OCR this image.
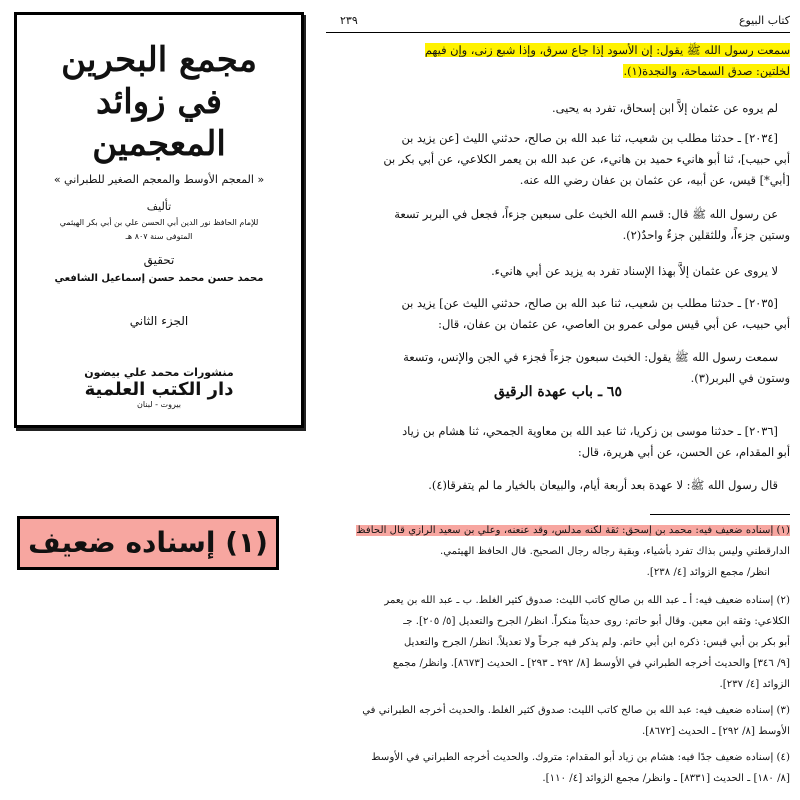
مجمع البحرين
في زوائد المعجمين
« المعجم الأوسط والمعجم الصغير للطبراني »
تأليف
للإمام الحافظ نور الدين أبي الحسن علي بن أبي بكر الهيثمي
المتوفى سنة ٨٠٧ هـ
تحقيق
محمد حسن محمد حسن إسماعيل الشافعي
الجزء الثاني
منشورات محمد علي بيضون
دار الكتب العلمية
بيروت - لبنان
(١) إسناده ضعيف
كتاب البيوع
٢٣٩
سمعت رسول الله ﷺ يقول: إن الأسود إذا جاع سرق، وإذا شبع زنى، وإن فيهم
لخلتين: صدق السماحة، والنجدة(١).
لم يروه عن عثمان إلاَّ ابن إسحاق، تفرد به يحيى.
[٢٠٣٤] ـ حدثنا مطلب بن شعيب، ثنا عبد الله بن صالح، حدثني الليث [عن يزيد بن
أبي حبيب]، ثنا أبو هانيء حميد بن هانيء، عن عبد الله بن يعمر الكلاعي، عن أبي بكر بن
[أبي*] قيس، عن أبيه، عن عثمان بن عفان رضي الله عنه.
عن رسول الله ﷺ قال: قسم الله الخبث على سبعين جزءاً، فجعل في البربر تسعة
وستين جزءاً، وللثقلين جزءٌ واحدٌ(٢).
لا يروى عن عثمان إلاَّ بهذا الإسناد تفرد به يزيد عن أبي هانيء.
[٢٠٣٥] ـ حدثنا مطلب بن شعيب، ثنا عبد الله بن صالح، حدثني الليث عن] يزيد بن
أبي حبيب، عن أبي قيس مولى عمرو بن العاصي، عن عثمان بن عفان، قال:
سمعت رسول الله ﷺ يقول: الخبث سبعون جزءاً فجزء في الجن والإنس، وتسعة
وستون في البربر(٣).
٦٥ ـ باب عهدة الرقيق
[٢٠٣٦] ـ حدثنا موسى بن زكريا، ثنا عبد الله بن معاوية الجمحي، ثنا هشام بن زياد
أبو المقدام، عن الحسن، عن أبي هريرة، قال:
قال رسول الله ﷺ: لا عهدة بعد أربعة أيام، والبيعان بالخيار ما لم يتفرقا(٤).
(١) إسناده ضعيف فيه: محمد بن إسحق: ثقة لكنه مدلس، وقد عنعنه، وعلي بن سعيد الرازي قال الحافظ
الدارقطني وليس بذاك تفرد بأشياء، وبقية رجاله رجال الصحيح. قال الحافظ الهيثمي.
انظر/ مجمع الزوائد [٤/ ٢٣٨].
(٢) إسناده ضعيف فيه: أ ـ عبد الله بن صالح كاتب الليث: صدوق كثير الغلط. ب ـ عبد الله بن يعمر
الكلاعي: وثقه ابن معين. وقال أبو حاتم: روى حديثاً منكراً. انظر/ الجرح والتعديل [٥/ ٢٠٥]. جـ
أبو بكر بن أبي قيس: ذكره ابن أبي حاتم. ولم يذكر فيه جرحاً ولا تعديلاً. انظر/ الجرح والتعديل
[٩/ ٣٤٦] والحديث أخرجه الطبراني في الأوسط [٨/ ٢٩٢ ـ ٢٩٣] ـ الحديث [٨٦٧٣]. وانظر/ مجمع
الزوائد [٤/ ٢٣٧].
(٣) إسناده ضعيف فيه: عبد الله بن صالح كاتب الليث: صدوق كثير الغلط. والحديث أخرجه الطبراني في
الأوسط [٨/ ٢٩٢] ـ الحديث [٨٦٧٢].
(٤) إسناده ضعيف جدًا فيه: هشام بن زياد أبو المقدام: متروك. والحديث أخرجه الطبراني في الأوسط
[٨/ ١٨٠] ـ الحديث [٨٣٣١] ـ وانظر/ مجمع الزوائد [٤/ ١١٠].
